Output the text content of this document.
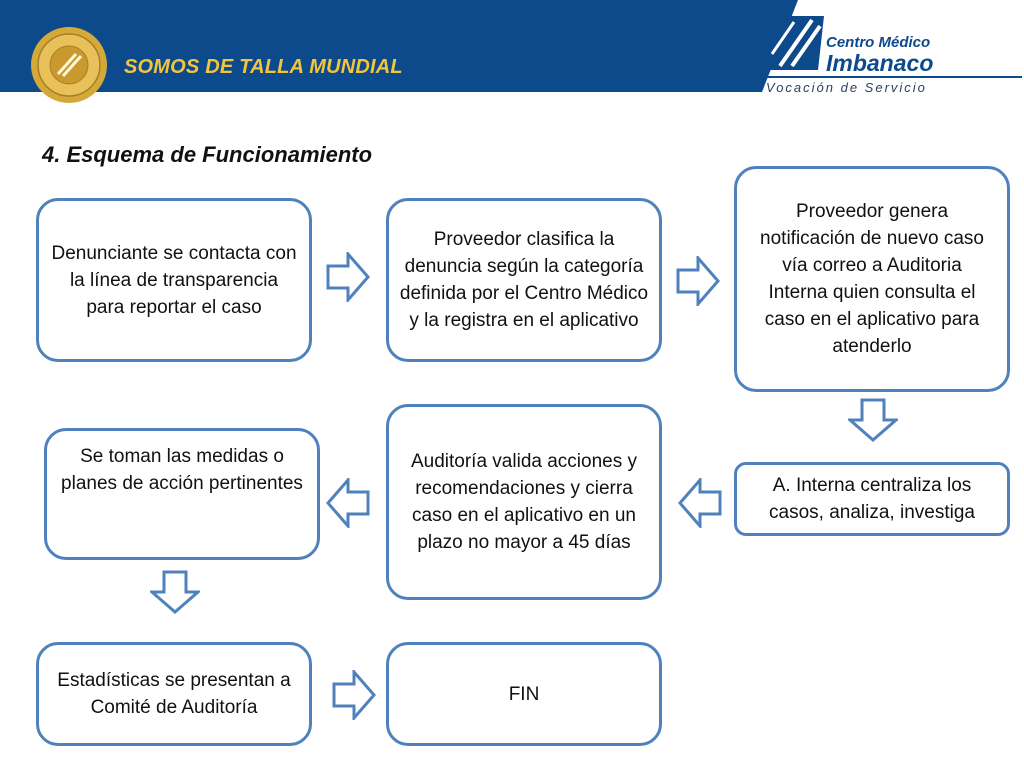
SOMOS DE TALLA MUNDIAL
Centro Médico
Imbanaco
Vocación de Servicio
4. Esquema de Funcionamiento
Denunciante se contacta con la línea de transparencia para reportar el caso
Proveedor clasifica la denuncia según la categoría definida por el Centro Médico y la registra en el aplicativo
Proveedor genera notificación de nuevo caso vía correo a Auditoria Interna quien consulta el caso en el aplicativo para atenderlo
A. Interna centraliza los casos, analiza, investiga
Auditoría valida acciones y recomendaciones y cierra caso en el aplicativo en un plazo no mayor a 45 días
Se toman las medidas o planes de acción pertinentes
Estadísticas se presentan a Comité de Auditoría
FIN
